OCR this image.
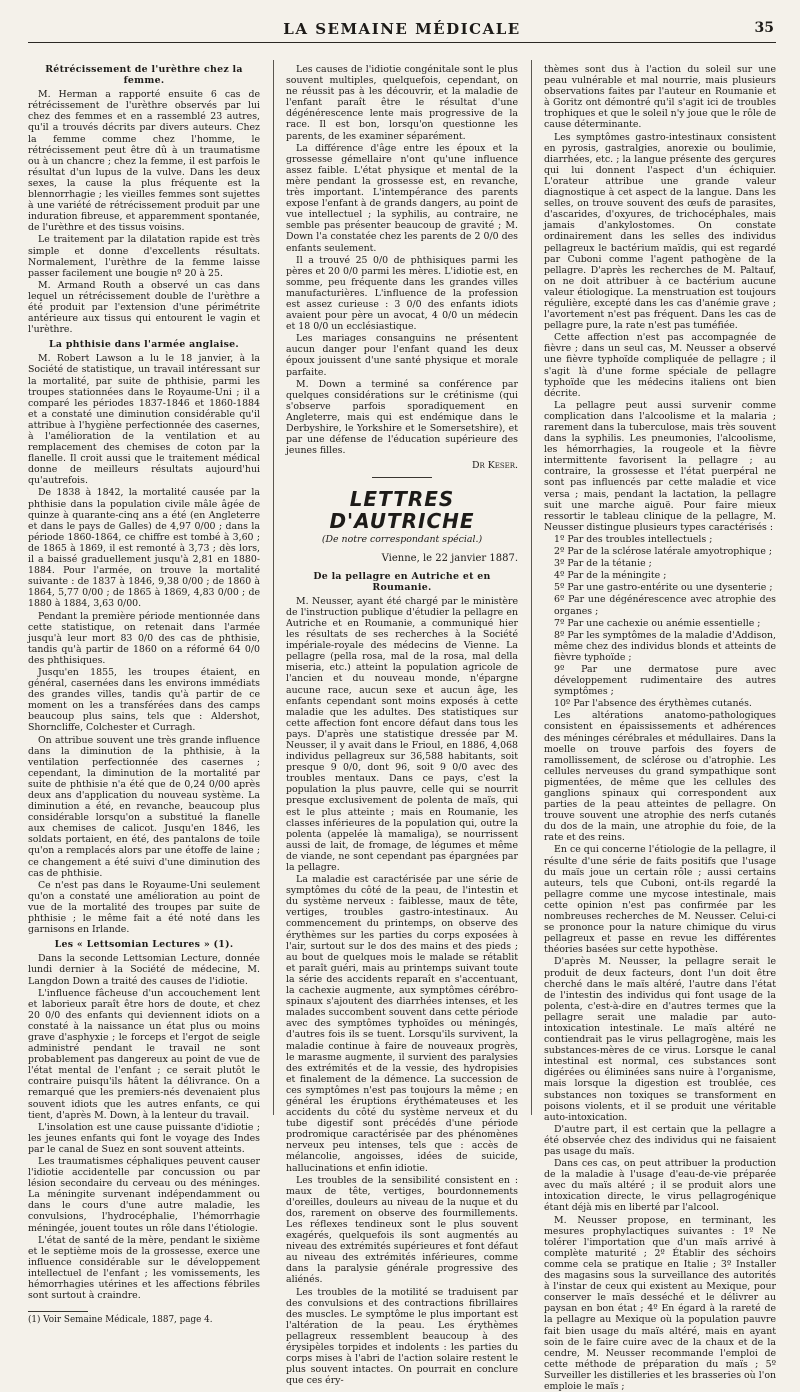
LA SEMAINE MÉDICALE	35
Rétrécissement de l'urèthre chez la femme.

M. Herman a rapporté ensuite 6 cas de rétrécissement de l'urèthre observés par lui chez des femmes et en a rassemblé 23 autres, qu'il a trouvés décrits par divers auteurs. Chez la femme comme chez l'homme, le rétrécissement peut être dû à un traumatisme ou à un chancre ; chez la femme, il est parfois le résultat d'un lupus de la vulve. Dans les deux sexes, la cause la plus fréquente est la blennorrhagie ; les vieilles femmes sont sujettes à une variété de rétrécissement produit par une induration fibreuse, et apparemment spontanée, de l'urèthre et des tissus voisins.

Le traitement par la dilatation rapide est très simple et donne d'excellents résultats. Normalement, l'urèthre de la femme laisse passer facilement une bougie nº 20 à 25.

M. Armand Routh a observé un cas dans lequel un rétrécissement double de l'urèthre a été produit par l'extension d'une périmétrite antérieure aux tissus qui entourent le vagin et l'urèthre.

La phthisie dans l'armée anglaise.

M. Robert Lawson a lu le 18 janvier, à la Société de statistique, un travail intéressant sur la mortalité, par suite de phthisie, parmi les troupes stationnées dans le Royaume-Uni ; il a comparé les périodes 1837-1846 et 1860-1884 et a constaté une diminution considérable qu'il attribue à l'hygiène perfectionnée des casernes, à l'amélioration de la ventilation et au remplacement des chemises de coton par la flanelle. Il croit aussi que le traitement médical donne de meilleurs résultats aujourd'hui qu'autrefois.

De 1838 à 1842, la mortalité causée par la phthisie dans la population civile mâle âgée de quinze à quarante-cinq ans a été (en Angleterre et dans le pays de Galles) de 4,97 0/00 ; dans la période 1860-1864, ce chiffre est tombé à 3,60 ; de 1865 à 1869, il est remonté à 3,73 ; dès lors, il a baissé graduellement jusqu'à 2,81 en 1880-1884. Pour l'armée, on trouve la mortalité suivante : de 1837 à 1846, 9,38 0/00 ; de 1860 à 1864, 5,77 0/00 ; de 1865 à 1869, 4,83 0/00 ; de 1880 à 1884, 3,63 0/00.

Pendant la première période mentionnée dans cette statistique, on retenait dans l'armée jusqu'à leur mort 83 0/0 des cas de phthisie, tandis qu'à partir de 1860 on a réformé 64 0/0 des phthisiques.

Jusqu'en 1855, les troupes étaient, en général, casernées dans les environs immédiats des grandes villes, tandis qu'à partir de ce moment on les a transférées dans des camps beaucoup plus sains, tels que : Aldershot, Shorncliffe, Colchester et Curragh.

On attribue souvent une très grande influence dans la diminution de la phthisie, à la ventilation perfectionnée des casernes ; cependant, la diminution de la mortalité par suite de phthisie n'a été que de 0,24 0/00 après deux ans d'application du nouveau système. La diminution a été, en revanche, beaucoup plus considérable lorsqu'on a substitué la flanelle aux chemises de calicot. Jusqu'en 1846, les soldats portaient, en été, des pantalons de toile qu'on a remplacés alors par une étoffe de laine ; ce changement a été suivi d'une diminution des cas de phthisie.

Ce n'est pas dans le Royaume-Uni seulement qu'on a constaté une amélioration au point de vue de la mortalité des troupes par suite de phthisie ; le même fait a été noté dans les garnisons en Irlande.

Les « Lettsomian Lectures » (1).

Dans la seconde Lettsomian Lecture, donnée lundi dernier à la Société de médecine, M. Langdon Down a traité des causes de l'idiotie.

L'influence fâcheuse d'un accouchement lent et laborieux paraît être hors de doute, et chez 20 0/0 des enfants qui deviennent idiots on a constaté à la naissance un état plus ou moins grave d'asphyxie ; le forceps et l'ergot de seigle administré pendant le travail ne sont probablement pas dangereux au point de vue de l'état mental de l'enfant ; ce serait plutôt le contraire puisqu'ils hâtent la délivrance. On a remarqué que les premiers-nés devenaient plus souvent idiots que les autres enfants, ce qui tient, d'après M. Down, à la lenteur du travail.

L'insolation est une cause puissante d'idiotie ; les jeunes enfants qui font le voyage des Indes par le canal de Suez en sont souvent atteints.

Les traumatismes céphaliques peuvent causer l'idiotie accidentelle par concussion ou par lésion secondaire du cerveau ou des méninges. La méningite survenant indépendamment ou dans le cours d'une autre maladie, les convulsions, l'hydrocéphalie, l'hémorrhagie méningée, jouent toutes un rôle dans l'étiologie.

L'état de santé de la mère, pendant le sixième et le septième mois de la grossesse, exerce une influence considérable sur le développement intellectuel de l'enfant ; les vomissements, les hémorrhagies utérines et les affections fébriles sont surtout à craindre.

(1) Voir Semaine Médicale, 1887, page 4.

Les causes de l'idiotie congénitale sont le plus souvent multiples, quelquefois, cependant, on ne réussit pas à les découvrir, et la maladie de l'enfant paraît être le résultat d'une dégénérescence lente mais progressive de la race. Il est bon, lorsqu'on questionne les parents, de les examiner séparément.

La différence d'âge entre les époux et la grossesse gémellaire n'ont qu'une influence assez faible. L'état physique et mental de la mère pendant la grossesse est, en revanche, très important. L'intempérance des parents expose l'enfant à de grands dangers, au point de vue intellectuel ; la syphilis, au contraire, ne semble pas présenter beaucoup de gravité ; M. Down l'a constatée chez les parents de 2 0/0 des enfants seulement.

Il a trouvé 25 0/0 de phthisiques parmi les pères et 20 0/0 parmi les mères. L'idiotie est, en somme, peu fréquente dans les grandes villes manufacturières. L'influence de la profession est assez curieuse : 3 0/0 des enfants idiots avaient pour père un avocat, 4 0/0 un médecin et 18 0/0 un ecclésiastique.

Les mariages consanguins ne présentent aucun danger pour l'enfant quand les deux époux jouissent d'une santé physique et morale parfaite.

M. Down a terminé sa conférence par quelques considérations sur le crétinisme (qui s'observe parfois sporadiquement en Angleterre, mais qui est endémique dans le Derbyshire, le Yorkshire et le Somersetshire), et par une défense de l'éducation supérieure des jeunes filles.

Dr Keser.
LETTRES D'AUTRICHE
(De notre correspondant spécial.)
Vienne, le 22 janvier 1887.
De la pellagre en Autriche et en Roumanie.

M. Neusser, ayant été chargé par le ministère de l'instruction publique d'étudier la pellagre en Autriche et en Roumanie, a communiqué hier les résultats de ses recherches à la Société impériale-royale des médecins de Vienne. La pellagre (pella rosa, mal de la rosa, mal della miseria, etc.) atteint la population agricole de l'ancien et du nouveau monde, n'épargne aucune race, aucun sexe et aucun âge, les enfants cependant sont moins exposés à cette maladie que les adultes. Des statistiques sur cette affection font encore défaut dans tous les pays. D'après une statistique dressée par M. Neusser, il y avait dans le Frioul, en 1886, 4,068 individus pellagreux sur 36,588 habitants, soit presque 9 0/0, dont 96, soit 9 0/0 avec des troubles mentaux. Dans ce pays, c'est la population la plus pauvre, celle qui se nourrit presque exclusivement de polenta de maïs, qui est le plus atteinte ; mais en Roumanie, les classes inférieures de la population qui, outre la polenta (appelée là mamaliga), se nourrissent aussi de lait, de fromage, de légumes et même de viande, ne sont cependant pas épargnées par la pellagre.

La maladie est caractérisée par une série de symptômes du côté de la peau, de l'intestin et du système nerveux : faiblesse, maux de tête, vertiges, troubles gastro-intestinaux. Au commencement du printemps, on observe des érythèmes sur les parties du corps exposées à l'air, surtout sur le dos des mains et des pieds ; au bout de quelques mois le malade se rétablit et paraît guéri, mais au printemps suivant toute la série des accidents reparaît en s'accentuant, la cachexie augmente, aux symptômes cérébro-spinaux s'ajoutent des diarrhées intenses, et les malades succombent souvent dans cette période avec des symptômes typhoïdes ou méningés, d'autres fois ils se tuent. Lorsqu'ils survivent, la maladie continue à faire de nouveaux progrès, le marasme augmente, il survient des paralysies des extrémités et de la vessie, des hydropisies et finalement de la démence. La succession de ces symptômes n'est pas toujours la même ; en général les éruptions érythémateuses et les accidents du côté du système nerveux et du tube digestif sont précédés d'une période prodromique caractérisée par des phénomènes nerveux peu intenses, tels que : accès de mélancolie, angoisses, idées de suicide, hallucinations et enfin idiotie.

Les troubles de la sensibilité consistent en : maux de tête, vertiges, bourdonnements d'oreilles, douleurs au niveau de la nuque et du dos, rarement on observe des fourmillements. Les réflexes tendineux sont le plus souvent exagérés, quelquefois ils sont augmentés au niveau des extrémités supérieures et font défaut au niveau des extrémités inférieures, comme dans la paralysie générale progressive des aliénés.

Les troubles de la motilité se traduisent par des convulsions et des contractions fibrillaires des muscles. Le symptôme le plus important est l'altération de la peau. Les érythèmes pellagreux ressemblent beaucoup à des érysipèles torpides et indolents : les parties du corps mises à l'abri de l'action solaire restent le plus souvent intactes. On pourrait en conclure que ces éry-

thèmes sont dus à l'action du soleil sur une peau vulnérable et mal nourrie, mais plusieurs observations faites par l'auteur en Roumanie et à Goritz ont démontré qu'il s'agit ici de troubles trophiques et que le soleil n'y joue que le rôle de cause déterminante.

Les symptômes gastro-intestinaux consistent en pyrosis, gastralgies, anorexie ou boulimie, diarrhées, etc. ; la langue présente des gerçures qui lui donnent l'aspect d'un échiquier. L'orateur attribue une grande valeur diagnostique à cet aspect de la langue. Dans les selles, on trouve souvent des œufs de parasites, d'ascarides, d'oxyures, de trichocéphales, mais jamais d'ankylostomes. On constate ordinairement dans les selles des individus pellagreux le bactérium maïdis, qui est regardé par Cuboni comme l'agent pathogène de la pellagre. D'après les recherches de M. Paltauf, on ne doit attribuer à ce bactérium aucune valeur étiologique. La menstruation est toujours régulière, excepté dans les cas d'anémie grave ; l'avortement n'est pas fréquent. Dans les cas de pellagre pure, la rate n'est pas tuméfiée.

Cette affection n'est pas accompagnée de fièvre ; dans un seul cas, M. Neusser a observé une fièvre typhoïde compliquée de pellagre ; il s'agit là d'une forme spéciale de pellagre typhoïde que les médecins italiens ont bien décrite.

La pellagre peut aussi survenir comme complication dans l'alcoolisme et la malaria ; rarement dans la tuberculose, mais très souvent dans la syphilis. Les pneumonies, l'alcoolisme, les hémorrhagies, la rougeole et la fièvre intermittente favorisent la pellagre ; au contraire, la grossesse et l'état puerpéral ne sont pas influencés par cette maladie et vice versa ; mais, pendant la lactation, la pellagre suit une marche aiguë. Pour faire mieux ressortir le tableau clinique de la pellagre, M. Neusser distingue plusieurs types caractérisés :

1º Par des troubles intellectuels ;

2º Par de la sclérose latérale amyotrophique ;

3º Par de la tétanie ;

4º Par de la méningite ;

5º Par une gastro-entérite ou une dysenterie ;

6º Par une dégénérescence avec atrophie des organes ;

7º Par une cachexie ou anémie essentielle ;

8º Par les symptômes de la maladie d'Addison, même chez des individus blonds et atteints de fièvre typhoïde ;

9º Par une dermatose pure avec développement rudimentaire des autres symptômes ;

10º Par l'absence des érythèmes cutanés.

Les altérations anatomo-pathologiques consistent en épaississements et adhérences des méninges cérébrales et médullaires. Dans la moelle on trouve parfois des foyers de ramollissement, de sclérose ou d'atrophie. Les cellules nerveuses du grand sympathique sont pigmentées, de même que les cellules des ganglions spinaux qui correspondent aux parties de la peau atteintes de pellagre. On trouve souvent une atrophie des nerfs cutanés du dos de la main, une atrophie du foie, de la rate et des reins.

En ce qui concerne l'étiologie de la pellagre, il résulte d'une série de faits positifs que l'usage du maïs joue un certain rôle ; aussi certains auteurs, tels que Cuboni, ont-ils regardé la pellagre comme une mycose intestinale, mais cette opinion n'est pas confirmée par les nombreuses recherches de M. Neusser. Celui-ci se prononce pour la nature chimique du virus pellagreux et passe en revue les différentes théories basées sur cette hypothèse.

D'après M. Neusser, la pellagre serait le produit de deux facteurs, dont l'un doit être cherché dans le maïs altéré, l'autre dans l'état de l'intestin des individus qui font usage de la polenta, c'est-à-dire en d'autres termes que la pellagre serait une maladie par auto-intoxication intestinale. Le maïs altéré ne contiendrait pas le virus pellagrogène, mais les substances-mères de ce virus. Lorsque le canal intestinal est normal, ces substances sont digérées ou éliminées sans nuire à l'organisme, mais lorsque la digestion est troublée, ces substances non toxiques se transforment en poisons violents, et il se produit une véritable auto-intoxication.

D'autre part, il est certain que la pellagre a été observée chez des individus qui ne faisaient pas usage du maïs.

Dans ces cas, on peut attribuer la production de la maladie à l'usage d'eau-de-vie préparée avec du maïs altéré ; il se produit alors une intoxication directe, le virus pellagrogénique étant déjà mis en liberté par l'alcool.

M. Neusser propose, en terminant, les mesures prophylactiques suivantes : 1º Ne tolérer l'importation que d'un maïs arrivé à complète maturité ; 2º Établir des séchoirs comme cela se pratique en Italie ; 3º Installer des magasins sous la surveillance des autorités à l'instar de ceux qui existent au Mexique, pour conserver le maïs desséché et le délivrer au paysan en bon état ; 4º En égard à la rareté de la pellagre au Mexique où la population pauvre fait bien usage du maïs altéré, mais en ayant soin de le faire cuire avec de la chaux et de la cendre, M. Neusser recommande l'emploi de cette méthode de préparation du maïs ; 5º Surveiller les distilleries et les brasseries où l'on emploie le maïs ;
